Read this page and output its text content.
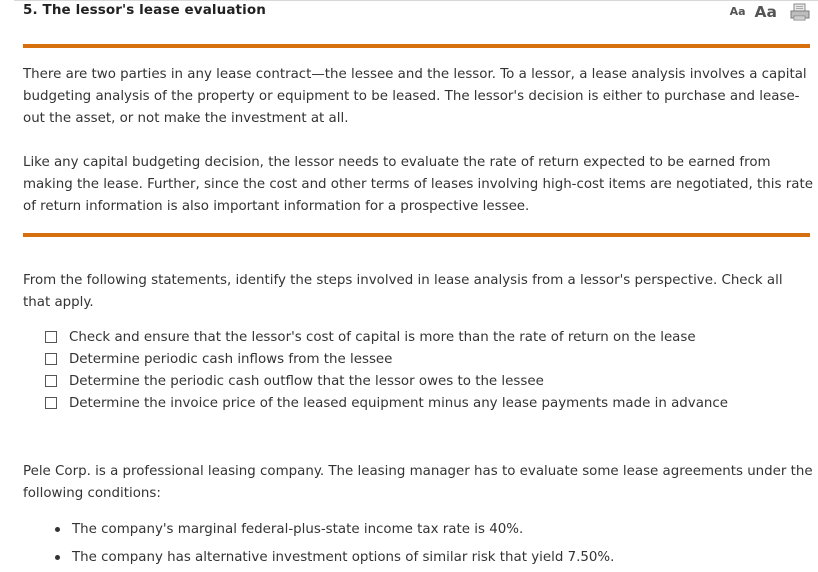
5. The lessor's lease evaluation	Aa Aa

There are two parties in any lease contract—the lessee and the lessor. To a lessor, a lease analysis involves a capital budgeting analysis of the property or equipment to be leased. The lessor's decision is either to purchase and lease-out the asset, or not make the investment at all.

Like any capital budgeting decision, the lessor needs to evaluate the rate of return expected to be earned from making the lease. Further, since the cost and other terms of leases involving high-cost items are negotiated, this rate of return information is also important information for a prospective lessee.

From the following statements, identify the steps involved in lease analysis from a lessor's perspective. Check all that apply.

Check and ensure that the lessor's cost of capital is more than the rate of return on the lease
Determine periodic cash inflows from the lessee
Determine the periodic cash outflow that the lessor owes to the lessee
Determine the invoice price of the leased equipment minus any lease payments made in advance

Pele Corp. is a professional leasing company. The leasing manager has to evaluate some lease agreements under the following conditions:

The company's marginal federal-plus-state income tax rate is 40%.
The company has alternative investment options of similar risk that yield 7.50%.
